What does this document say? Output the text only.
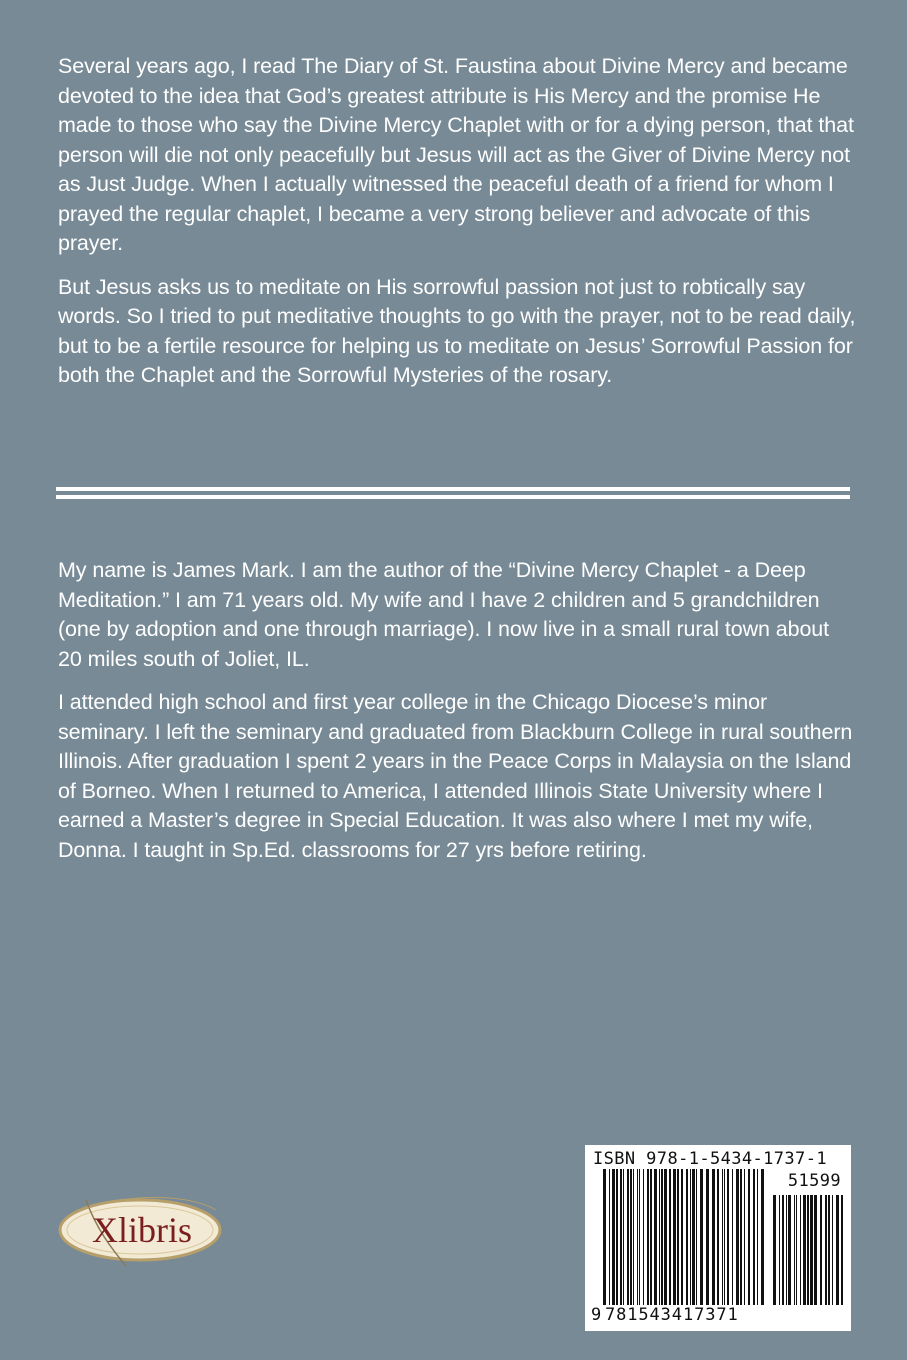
Several years ago, I read The Diary of St. Faustina about Divine Mercy and became devoted to the idea that God’s greatest attribute is His Mercy and the promise He made to those who say the Divine Mercy Chaplet with or for a dying person, that that person will die not only peacefully but Jesus will act as the Giver of Divine Mercy not as Just Judge. When I actually witnessed the peaceful death of a friend for whom I prayed the regular chaplet, I became a very strong believer and advocate of this prayer.

But Jesus asks us to meditate on His sorrowful passion not just to robtically say words. So I tried to put meditative thoughts to go with the prayer, not to be read daily, but to be a fertile resource for helping us to meditate on Jesus’ Sorrowful Passion for both the Chaplet and the Sorrowful Mysteries of the rosary.

My name is James Mark. I am the author of the “Divine Mercy Chaplet - a Deep Meditation.” I am 71 years old. My wife and I have 2 children and 5 grandchildren (one by adoption and one through marriage). I now live in a small rural town about 20 miles south of Joliet, IL.

I attended high school and first year college in the Chicago Diocese’s minor seminary. I left the seminary and graduated from Blackburn College in rural southern Illinois. After graduation I spent 2 years in the Peace Corps in Malaysia on the Island of Borneo. When I returned to America, I attended Illinois State University where I earned a Master’s degree in Special Education. It was also where I met my wife, Donna. I taught in Sp.Ed. classrooms for 27 yrs before retiring.

Xlibris
ISBN 978-1-5434-1737-1
51599
9 781543417371
